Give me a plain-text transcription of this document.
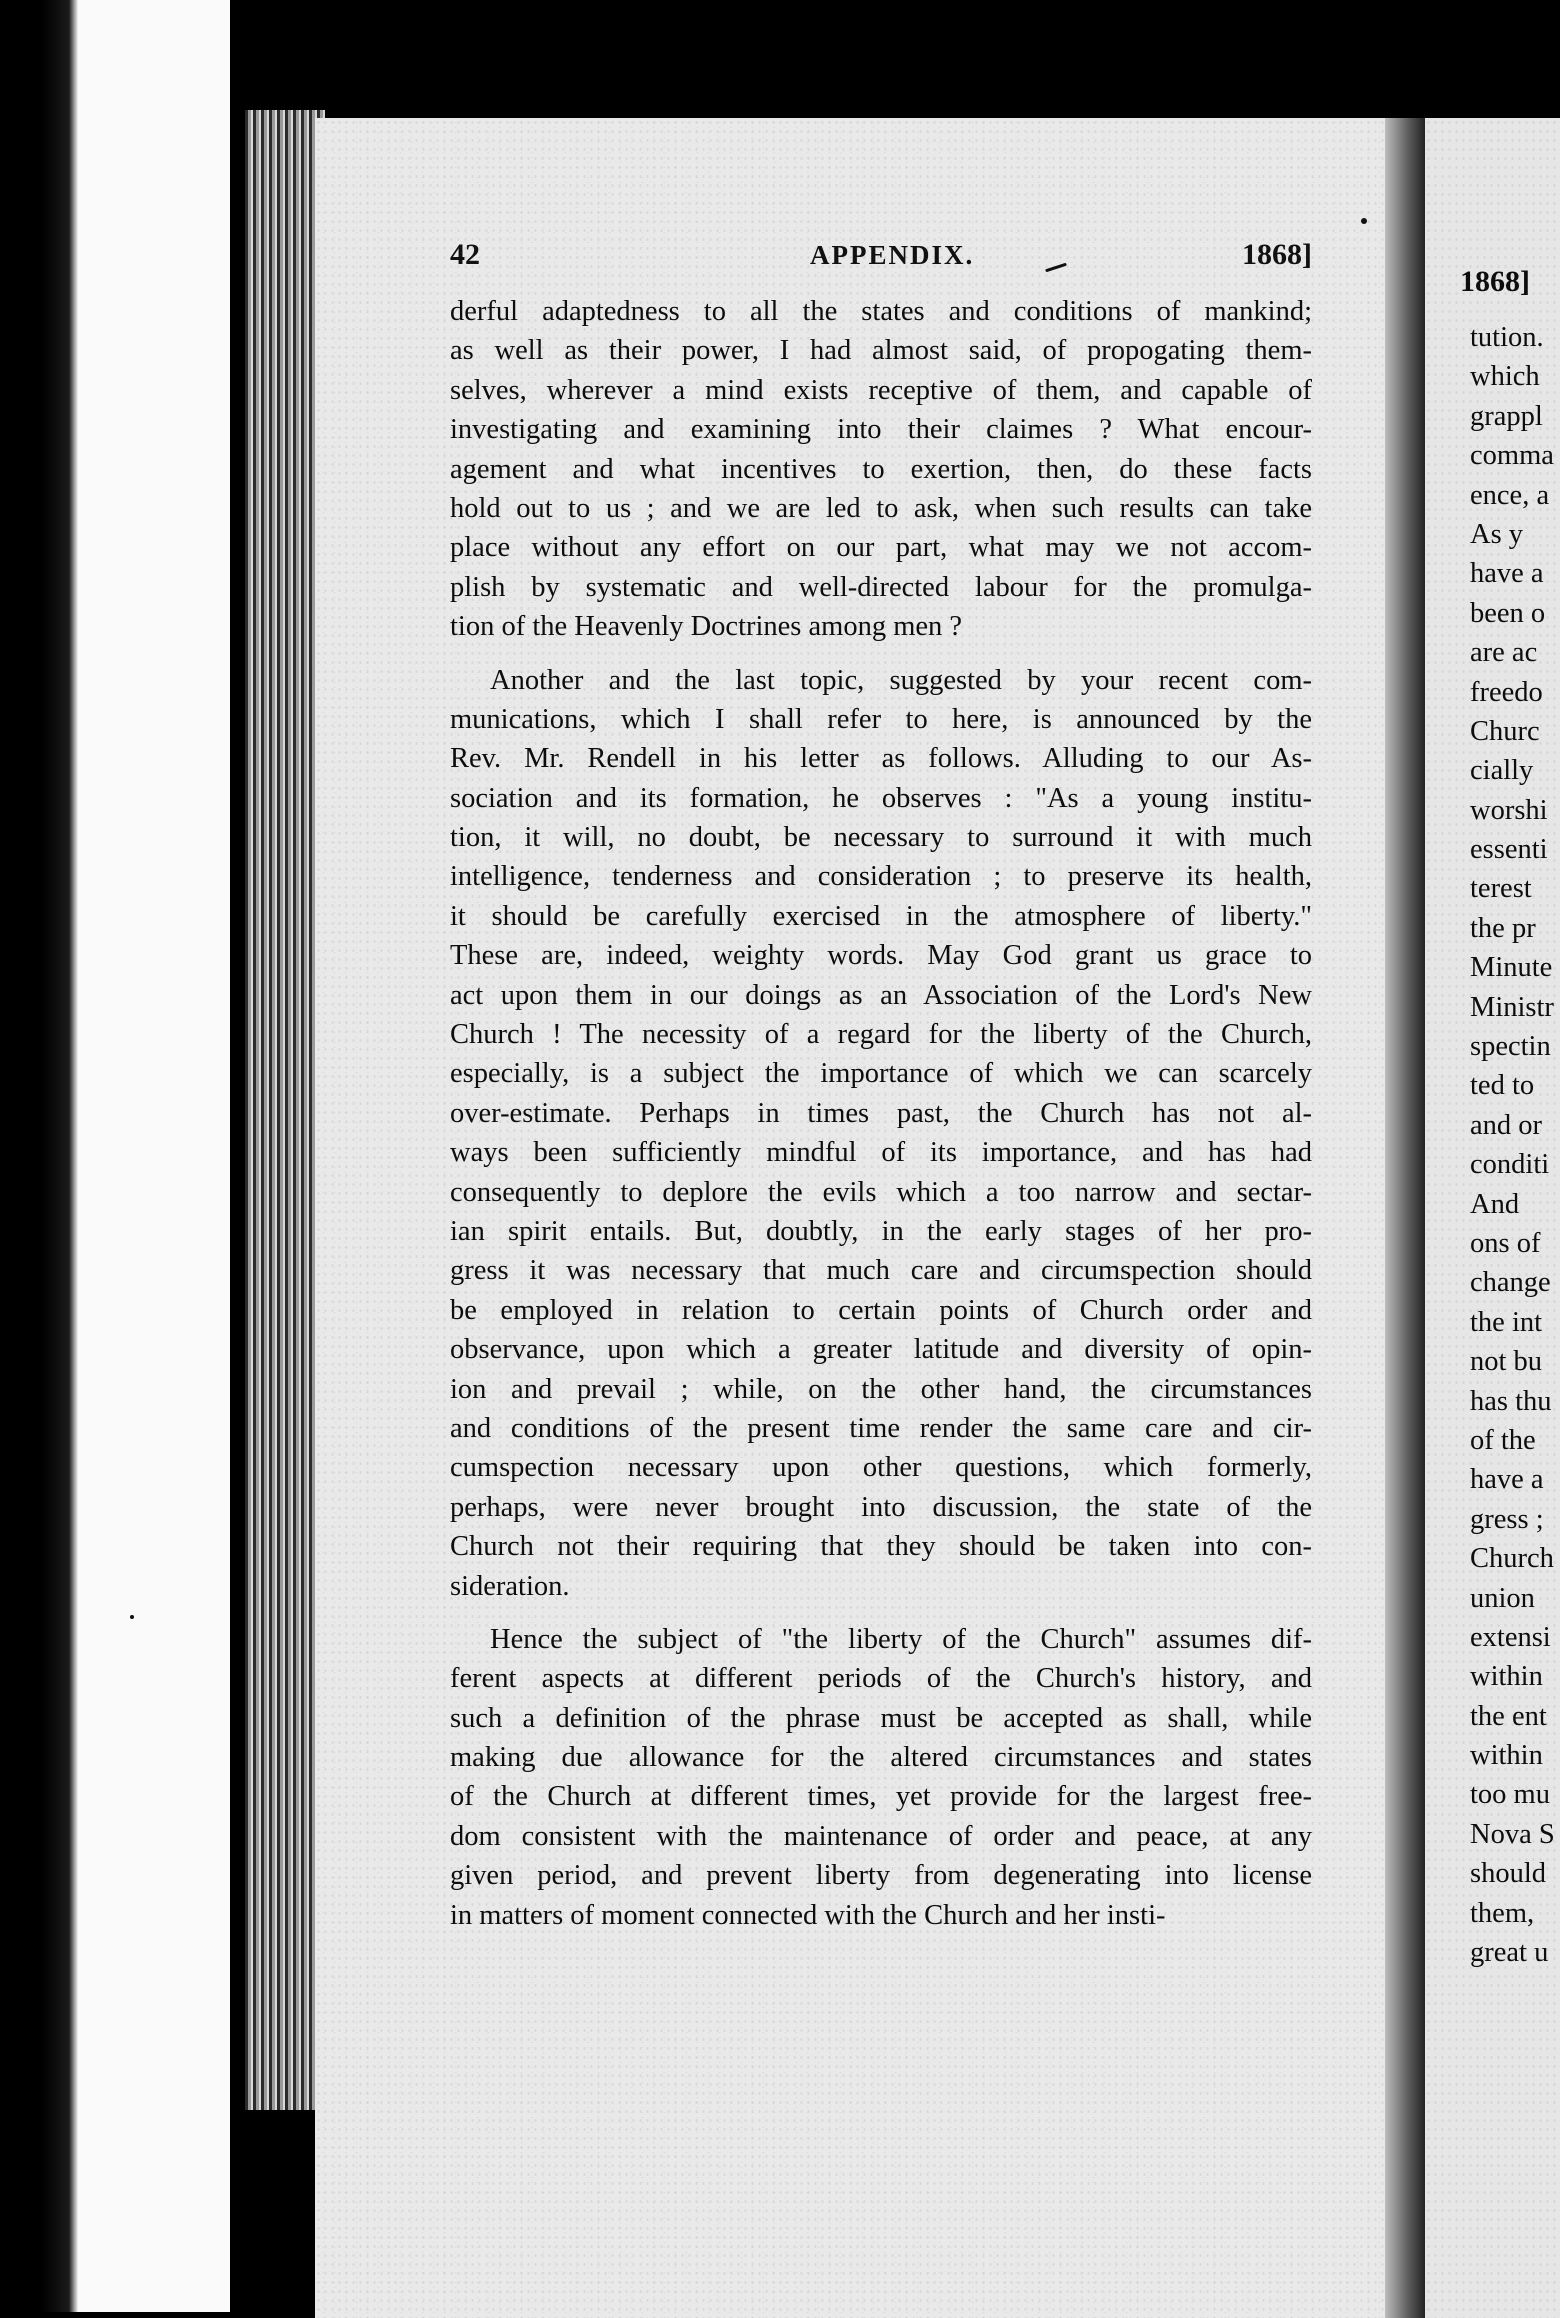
42	APPENDIX.	1868]
derful adaptedness to all the states and conditions of mankind;
as well as their power, I had almost said, of propogating them-
selves, wherever a mind exists receptive of them, and capable of
investigating and examining into their claimes ? What encour-
agement and what incentives to exertion, then, do these facts
hold out to us ; and we are led to ask, when such results can take
place without any effort on our part, what may we not accom-
plish by systematic and well-directed labour for the promulga-
tion of the Heavenly Doctrines among men ?
Another and the last topic, suggested by your recent com-
munications, which I shall refer to here, is announced by the
Rev. Mr. Rendell in his letter as follows. Alluding to our As-
sociation and its formation, he observes : "As a young institu-
tion, it will, no doubt, be necessary to surround it with much
intelligence, tenderness and consideration ; to preserve its health,
it should be carefully exercised in the atmosphere of liberty."
These are, indeed, weighty words. May God grant us grace to
act upon them in our doings as an Association of the Lord's New
Church ! The necessity of a regard for the liberty of the Church,
especially, is a subject the importance of which we can scarcely
over-estimate. Perhaps in times past, the Church has not al-
ways been sufficiently mindful of its importance, and has had
consequently to deplore the evils which a too narrow and sectar-
ian spirit entails. But, doubtly, in the early stages of her pro-
gress it was necessary that much care and circumspection should
be employed in relation to certain points of Church order and
observance, upon which a greater latitude and diversity of opin-
ion and prevail ; while, on the other hand, the circumstances
and conditions of the present time render the same care and cir-
cumspection necessary upon other questions, which formerly,
perhaps, were never brought into discussion, the state of the
Church not their requiring that they should be taken into con-
sideration.
Hence the subject of "the liberty of the Church" assumes dif-
ferent aspects at different periods of the Church's history, and
such a definition of the phrase must be accepted as shall, while
making due allowance for the altered circumstances and states
of the Church at different times, yet provide for the largest free-
dom consistent with the maintenance of order and peace, at any
given period, and prevent liberty from degenerating into license
in matters of moment connected with the Church and her insti-
1868]
tution.
which
grappl
comma
ence, a
As y
have a
been o
are ac
freedo
Churc
cially
worshi
essenti
terest
the pr
Minute
Ministr
spectin
ted to
and or
conditi
And
ons of
change
the int
not bu
has thu
of the
have a
gress ;
Church
union
extensi
within
the ent
within
too mu
Nova S
should
them,
great u
